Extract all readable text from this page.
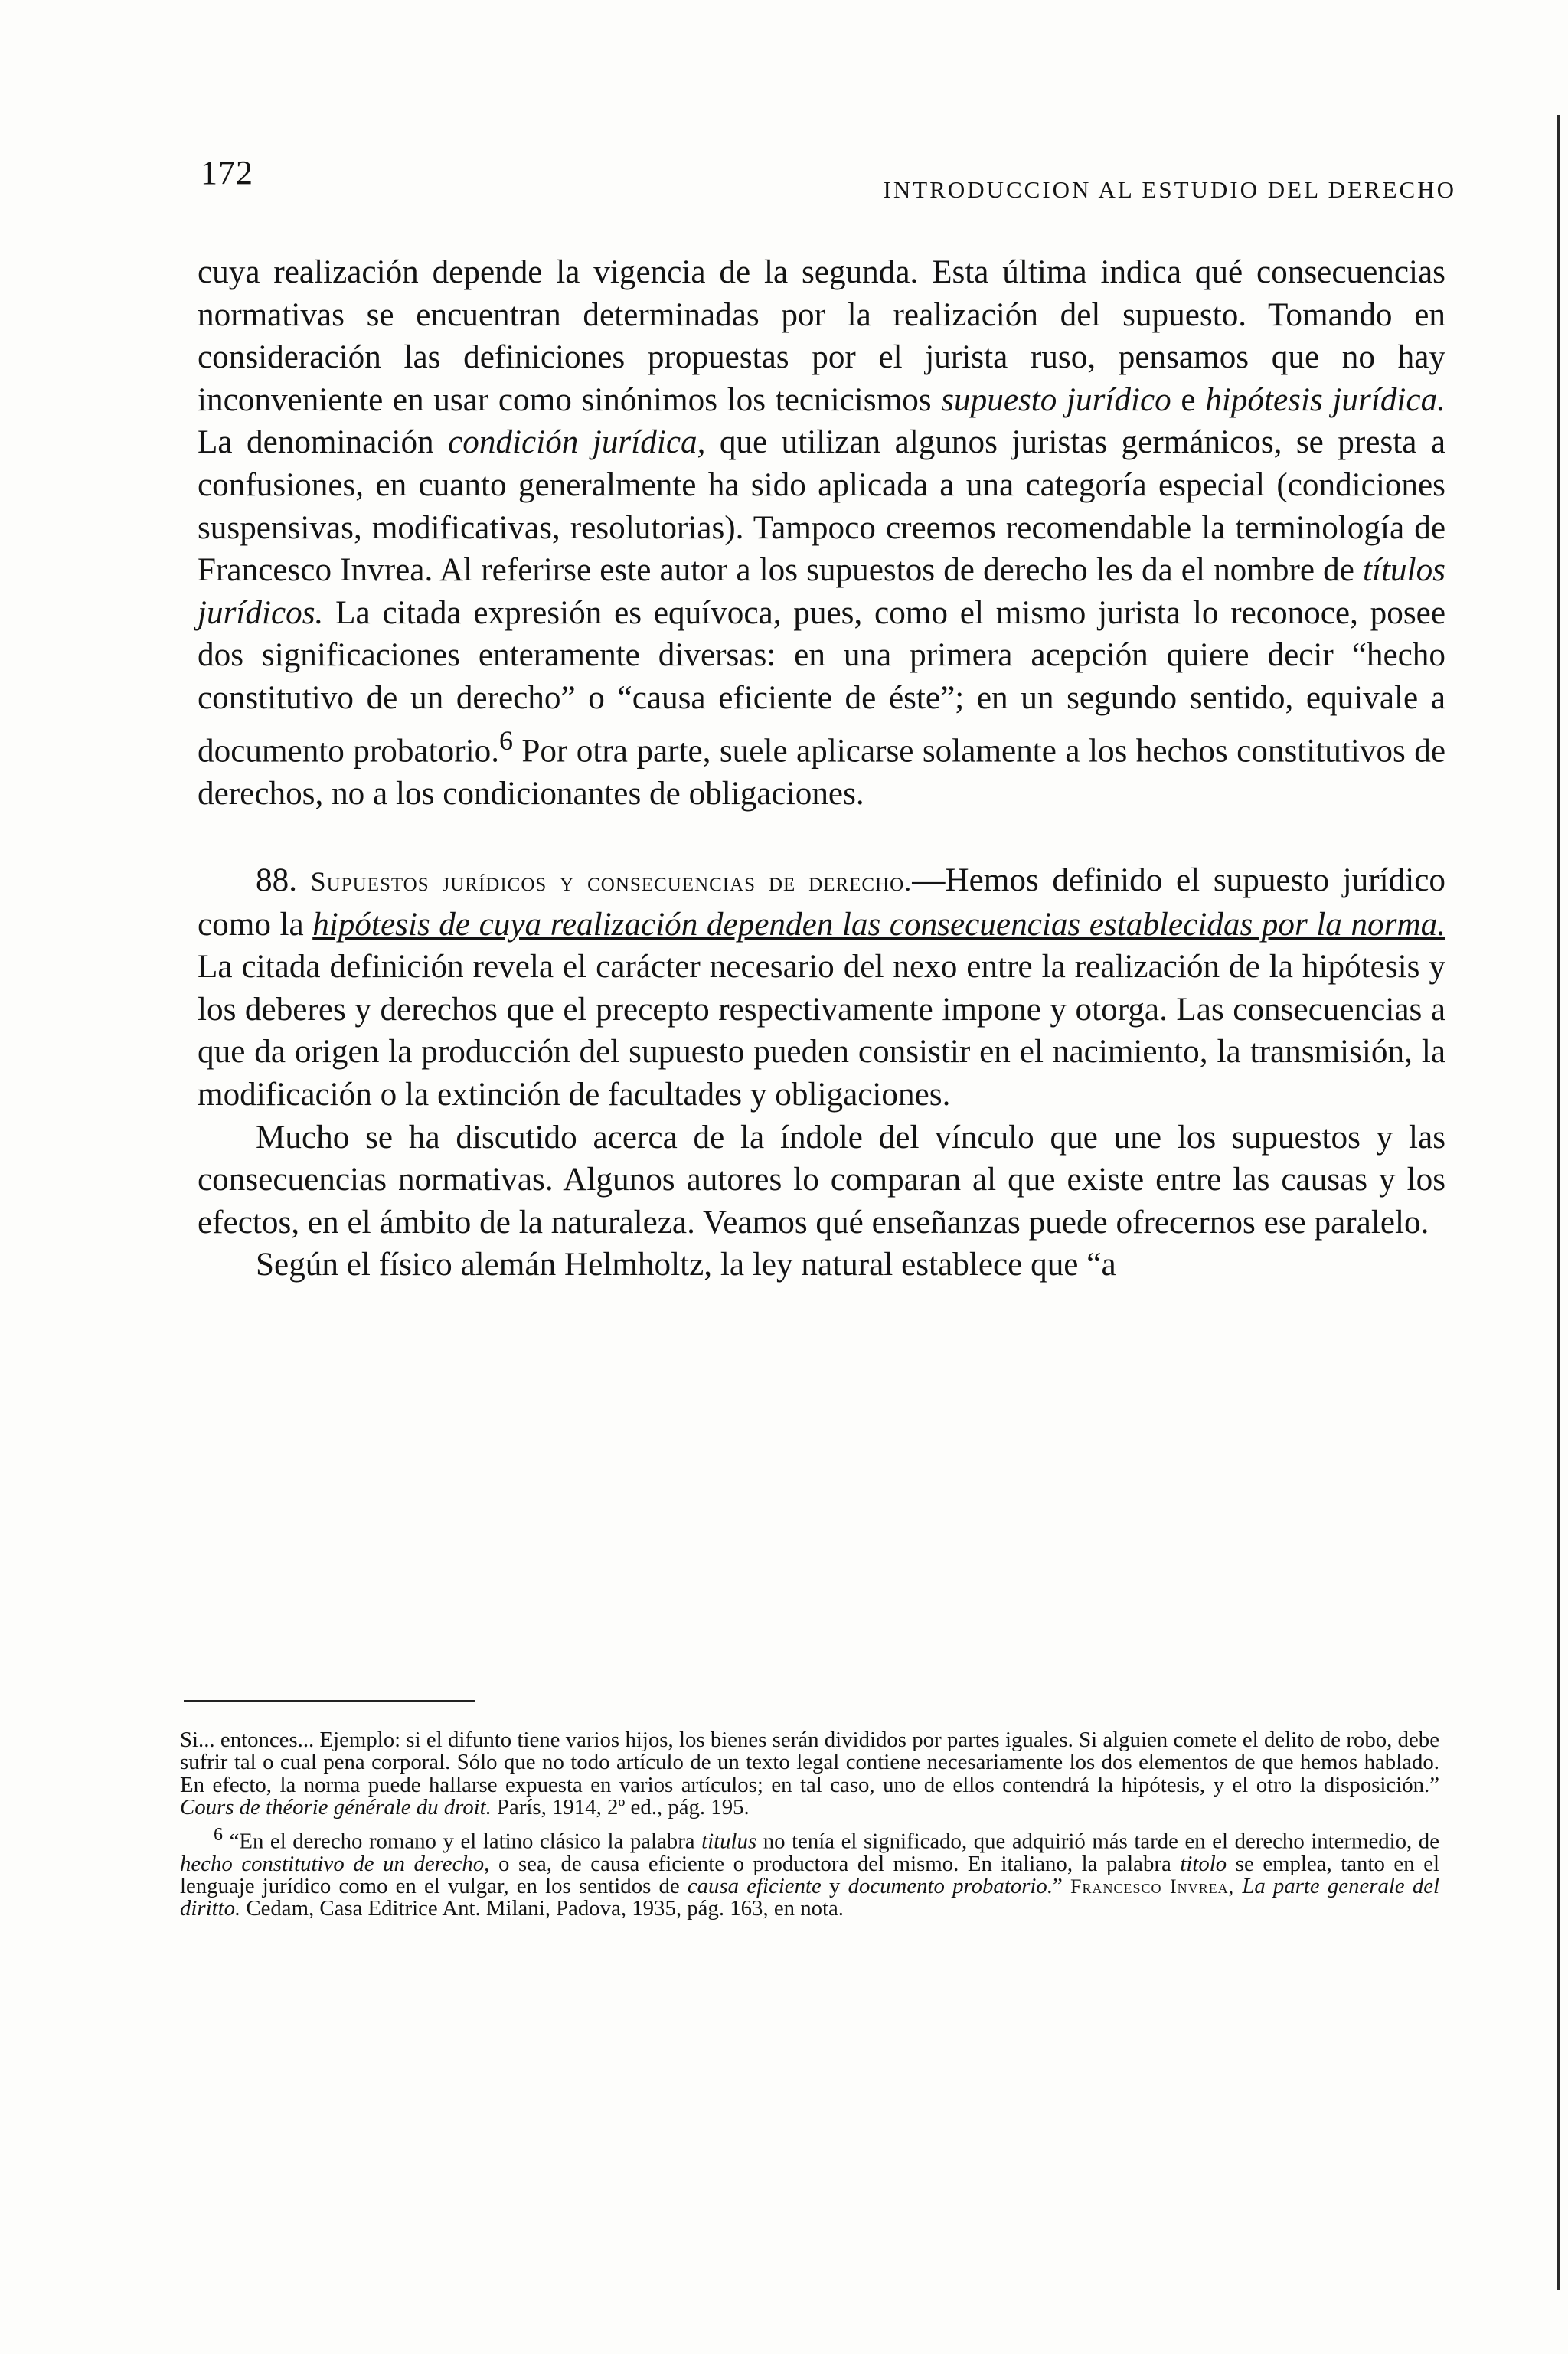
172	INTRODUCCION AL ESTUDIO DEL DERECHO

cuya realización depende la vigencia de la segunda. Esta última indica qué consecuencias normativas se encuentran determinadas por la realización del supuesto. Tomando en consideración las definiciones propuestas por el jurista ruso, pensamos que no hay inconveniente en usar como sinónimos los tecnicismos supuesto jurídico e hipótesis jurídica. La denominación condición jurídica, que utilizan algunos juristas germánicos, se presta a confusiones, en cuanto generalmente ha sido aplicada a una categoría especial (condiciones suspensivas, modificativas, resolutorias). Tampoco creemos recomendable la terminología de Francesco Invrea. Al referirse este autor a los supuestos de derecho les da el nombre de títulos jurídicos. La citada expresión es equívoca, pues, como el mismo jurista lo reconoce, posee dos significaciones enteramente diversas: en una primera acepción quiere decir “hecho constitutivo de un derecho” o “causa eficiente de éste”; en un segundo sentido, equivale a documento probatorio.$^6$ Por otra parte, suele aplicarse solamente a los hechos constitutivos de derechos, no a los condicionantes de obligaciones.

88. Supuestos jurídicos y consecuencias de derecho.—Hemos definido el supuesto jurídico como la hipótesis de cuya realización dependen las consecuencias establecidas por la norma. La citada definición revela el carácter necesario del nexo entre la realización de la hipótesis y los deberes y derechos que el precepto respectivamente impone y otorga. Las consecuencias a que da origen la producción del supuesto pueden consistir en el nacimiento, la transmisión, la modificación o la extinción de facultades y obligaciones.

Mucho se ha discutido acerca de la índole del vínculo que une los supuestos y las consecuencias normativas. Algunos autores lo comparan al que existe entre las causas y los efectos, en el ámbito de la naturaleza. Veamos qué enseñanzas puede ofrecernos ese paralelo.

Según el físico alemán Helmholtz, la ley natural establece que “a

Si... entonces... Ejemplo: si el difunto tiene varios hijos, los bienes serán divididos por partes iguales. Si alguien comete el delito de robo, debe sufrir tal o cual pena corporal. Sólo que no todo artículo de un texto legal contiene necesariamente los dos elementos de que hemos hablado. En efecto, la norma puede hallarse expuesta en varios artículos; en tal caso, uno de ellos contendrá la hipótesis, y el otro la disposición.” Cours de théorie générale du droit. París, 1914, 2º ed., pág. 195.

$^6$ “En el derecho romano y el latino clásico la palabra titulus no tenía el significado, que adquirió más tarde en el derecho intermedio, de hecho constitutivo de un derecho, o sea, de causa eficiente o productora del mismo. En italiano, la palabra titolo se emplea, tanto en el lenguaje jurídico como en el vulgar, en los sentidos de causa eficiente y documento probatorio.” Francesco Invrea, La parte generale del diritto. Cedam, Casa Editrice Ant. Milani, Padova, 1935, pág. 163, en nota.
